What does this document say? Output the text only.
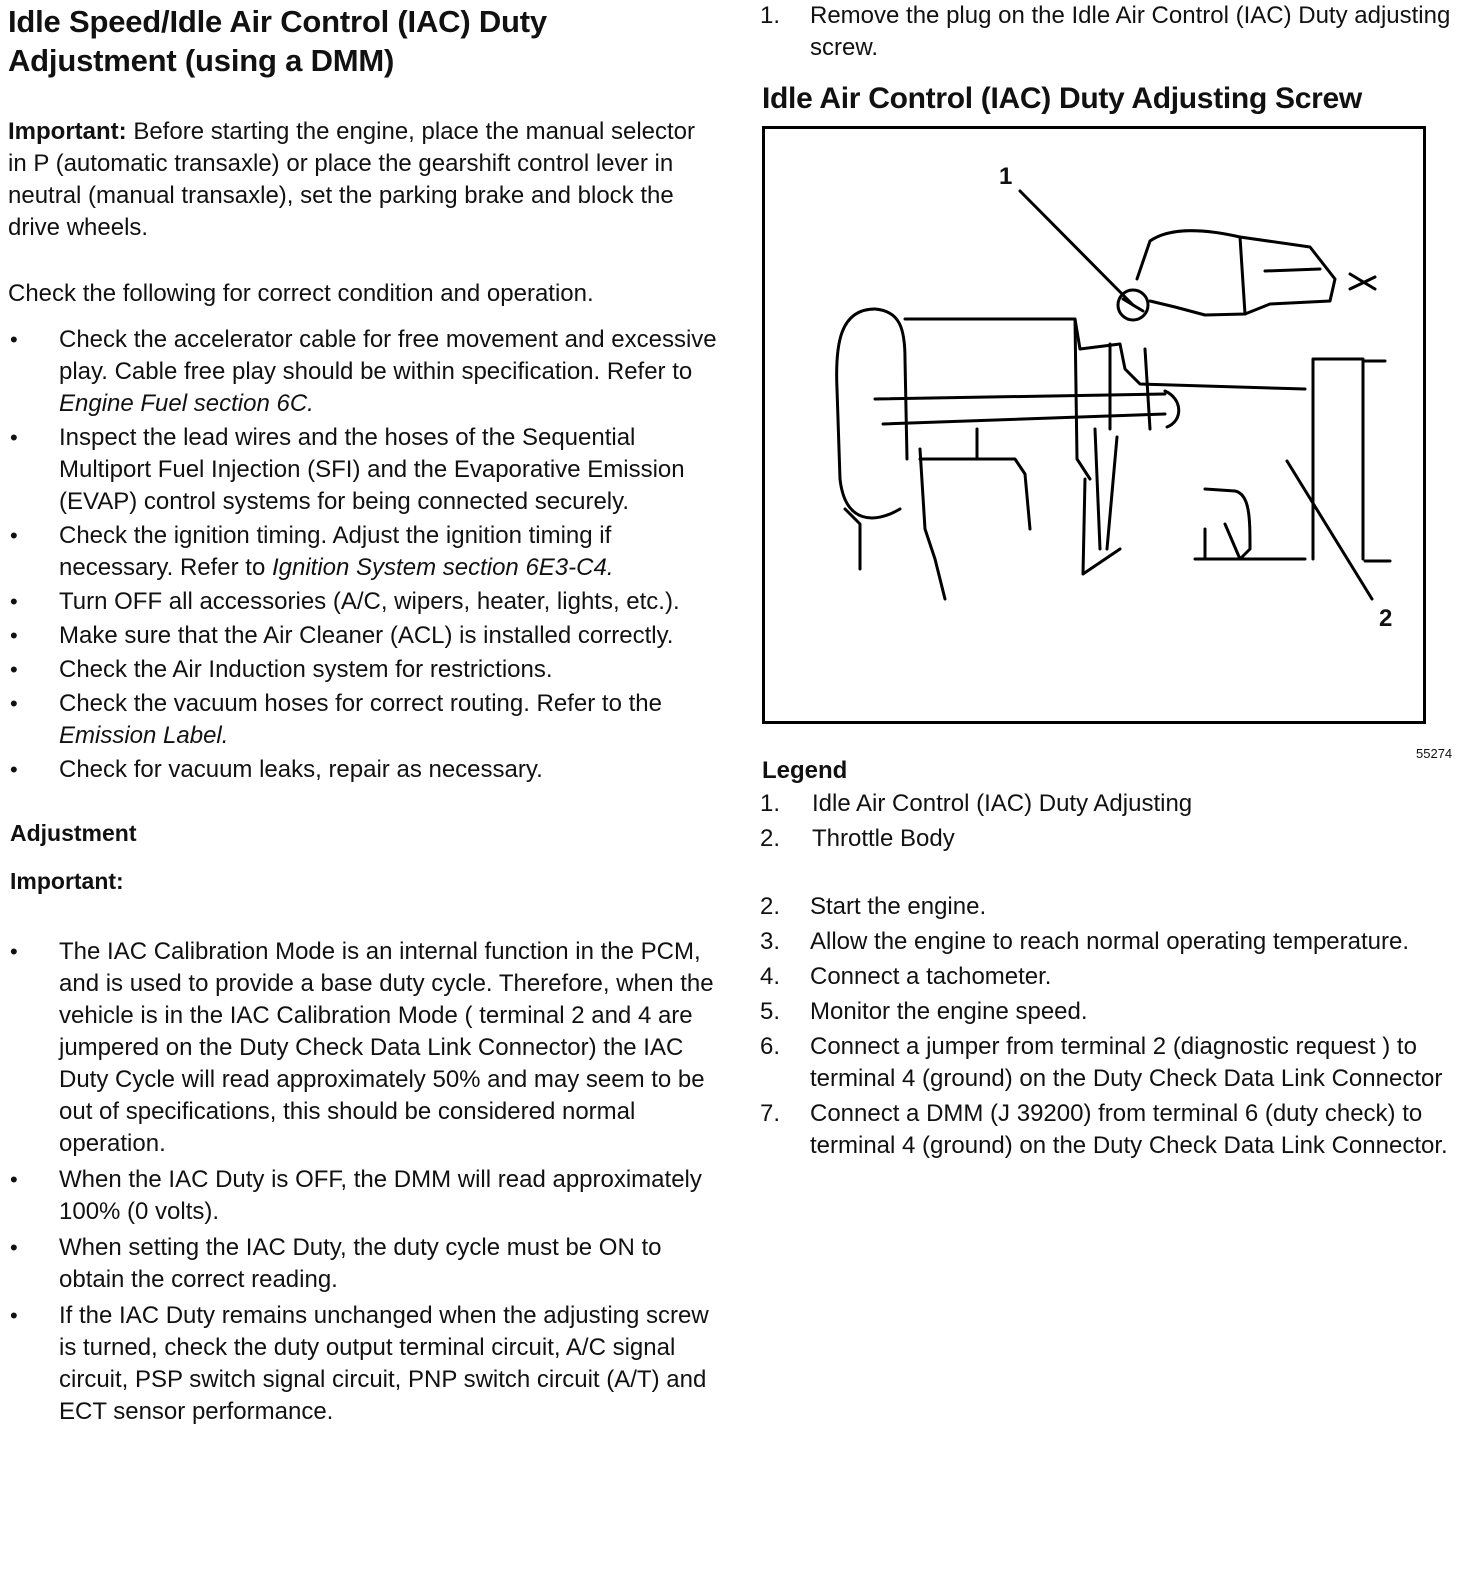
Idle Speed/Idle Air Control (IAC) Duty Adjustment (using a DMM)

Important: Before starting the engine, place the manual selector in P (automatic transaxle) or place the gearshift control lever in neutral (manual transaxle), set the parking brake and block the drive wheels.

Check the following for correct condition and operation.

• Check the accelerator cable for free movement and excessive play. Cable free play should be within specification. Refer to Engine Fuel section 6C.
• Inspect the lead wires and the hoses of the Sequential Multiport Fuel Injection (SFI) and the Evaporative Emission (EVAP) control systems for being connected securely.
• Check the ignition timing. Adjust the ignition timing if necessary. Refer to Ignition System section 6E3-C4.
• Turn OFF all accessories (A/C, wipers, heater, lights, etc.).
• Make sure that the Air Cleaner (ACL) is installed correctly.
• Check the Air Induction system for restrictions.
• Check the vacuum hoses for correct routing. Refer to the Emission Label.
• Check for vacuum leaks, repair as necessary.
Adjustment
Important:
• The IAC Calibration Mode is an internal function in the PCM, and is used to provide a base duty cycle. Therefore, when the vehicle is in the IAC Calibration Mode ( terminal 2 and 4 are jumpered on the Duty Check Data Link Connector) the IAC Duty Cycle will read approximately 50% and may seem to be out of specifications, this should be considered normal operation.
• When the IAC Duty is OFF, the DMM will read approximately 100% (0 volts).
• When setting the IAC Duty, the duty cycle must be ON to obtain the correct reading.
• If the IAC Duty remains unchanged when the adjusting screw is turned, check the duty output terminal circuit, A/C signal circuit, PSP switch signal circuit, PNP switch circuit (A/T) and ECT sensor performance.
1. Remove the plug on the Idle Air Control (IAC) Duty adjusting screw.
Idle Air Control (IAC) Duty Adjusting Screw
1
2
55274
Legend
1. Idle Air Control (IAC) Duty Adjusting
2. Throttle Body
2. Start the engine.
3. Allow the engine to reach normal operating temperature.
4. Connect a tachometer.
5. Monitor the engine speed.
6. Connect a jumper from terminal 2 (diagnostic request ) to terminal 4 (ground) on the Duty Check Data Link Connector
7. Connect a DMM (J 39200) from terminal 6 (duty check) to terminal 4 (ground) on the Duty Check Data Link Connector.
